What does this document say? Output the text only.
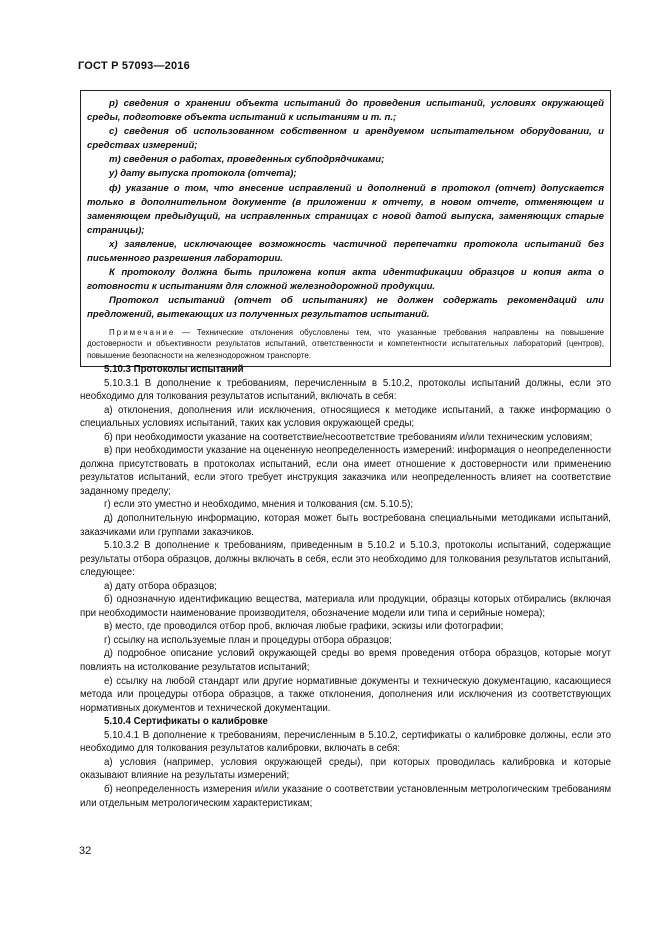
ГОСТ Р 57093—2016

р) сведения о хранении объекта испытаний до проведения испытаний, условиях окружающей среды, подготовке объекта испытаний к испытаниям и т. п.;

с) сведения об использованном собственном и арендуемом испытательном оборудовании, и средствах измерений;

т) сведения о работах, проведенных субподрядчиками;

у) дату выпуска протокола (отчета);

ф) указание о том, что внесение исправлений и дополнений в протокол (отчет) допускается только в дополнительном документе (в приложении к отчету, в новом отчете, отменяющем и заменяющем предыдущий, на исправленных страницах с новой датой выпуска, заменяющих старые страницы);

х) заявление, исключающее возможность частичной перепечатки протокола испытаний без письменного разрешения лаборатории.

К протоколу должна быть приложена копия акта идентификации образцов и копия акта о готовности к испытаниям для сложной железнодорожной продукции.

Протокол испытаний (отчет об испытаниях) не должен содержать рекомендаций или предложений, вытекающих из полученных результатов испытаний.

Примечание — Технические отклонения обусловлены тем, что указанные требования направлены на повышение достоверности и объективности результатов испытаний, ответственности и компетентности испытательных лабораторий (центров), повышение безопасности на железнодорожном транспорте.

5.10.3 Протоколы испытаний

5.10.3.1 В дополнение к требованиям, перечисленным в 5.10.2, протоколы испытаний должны, если это необходимо для толкования результатов испытаний, включать в себя:

а) отклонения, дополнения или исключения, относящиеся к методике испытаний, а также информацию о специальных условиях испытаний, таких как условия окружающей среды;

б) при необходимости указание на соответствие/несоответствие требованиям и/или техническим условиям;

в) при необходимости указание на оцененную неопределенность измерений: информация о неопределенности должна присутствовать в протоколах испытаний, если она имеет отношение к достоверности или применению результатов испытаний, если этого требует инструкция заказчика или неопределенность влияет на соответствие заданному пределу;

г) если это уместно и необходимо, мнения и толкования (см. 5.10.5);

д) дополнительную информацию, которая может быть востребована специальными методиками испытаний, заказчиками или группами заказчиков.

5.10.3.2 В дополнение к требованиям, приведенным в 5.10.2 и 5.10.3, протоколы испытаний, содержащие результаты отбора образцов, должны включать в себя, если это необходимо для толкования результатов испытаний, следующее:

а) дату отбора образцов;

б) однозначную идентификацию вещества, материала или продукции, образцы которых отбирались (включая при необходимости наименование производителя, обозначение модели или типа и серийные номера);

в) место, где проводился отбор проб, включая любые графики, эскизы или фотографии;

г) ссылку на используемые план и процедуры отбора образцов;

д) подробное описание условий окружающей среды во время проведения отбора образцов, которые могут повлиять на истолкование результатов испытаний;

е) ссылку на любой стандарт или другие нормативные документы и техническую документацию, касающиеся метода или процедуры отбора образцов, а также отклонения, дополнения или исключения из соответствующих нормативных документов и технической документации.

5.10.4 Сертификаты о калибровке

5.10.4.1 В дополнение к требованиям, перечисленным в 5.10.2, сертификаты о калибровке должны, если это необходимо для толкования результатов калибровки, включать в себя:

а) условия (например, условия окружающей среды), при которых проводилась калибровка и которые оказывают влияние на результаты измерений;

б) неопределенность измерения и/или указание о соответствии установленным метрологическим требованиям или отдельным метрологическим характеристикам;

32
